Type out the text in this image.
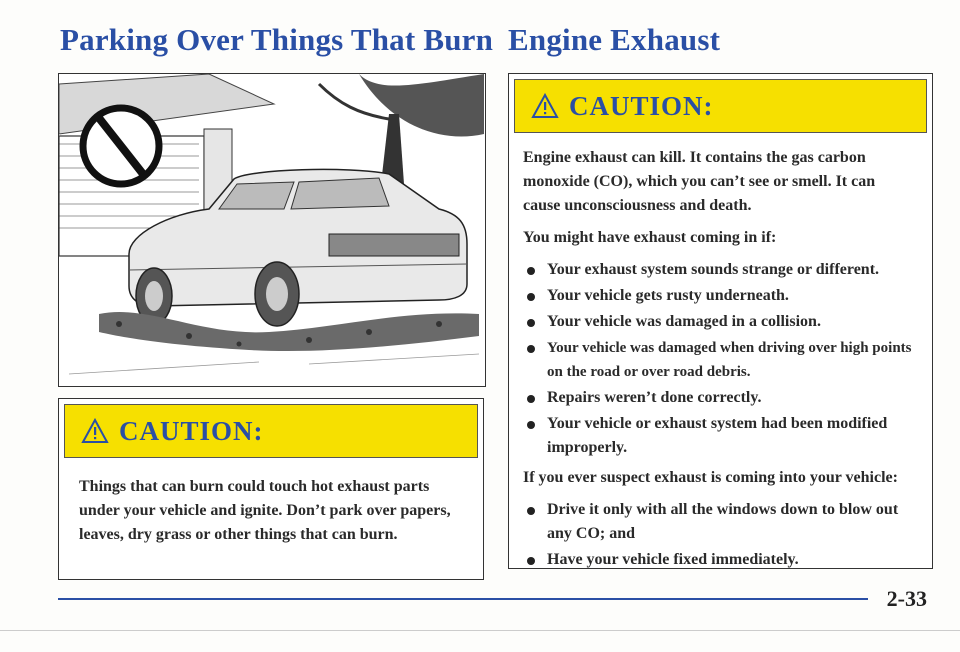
Parking Over Things That Burn Engine Exhaust
CAUTION:
Things that can burn could touch hot exhaust parts under your vehicle and ignite. Don’t park over papers, leaves, dry grass or other things that can burn.
CAUTION:

Engine exhaust can kill. It contains the gas carbon monoxide (CO), which you can’t see or smell. It can cause unconsciousness and death.

You might have exhaust coming in if:

Your exhaust system sounds strange or different.
Your vehicle gets rusty underneath.
Your vehicle was damaged in a collision.
Your vehicle was damaged when driving over high points on the road or over road debris.
Repairs weren’t done correctly.
Your vehicle or exhaust system had been modified improperly.

If you ever suspect exhaust is coming into your vehicle:

Drive it only with all the windows down to blow out any CO; and
Have your vehicle fixed immediately.

2-33
